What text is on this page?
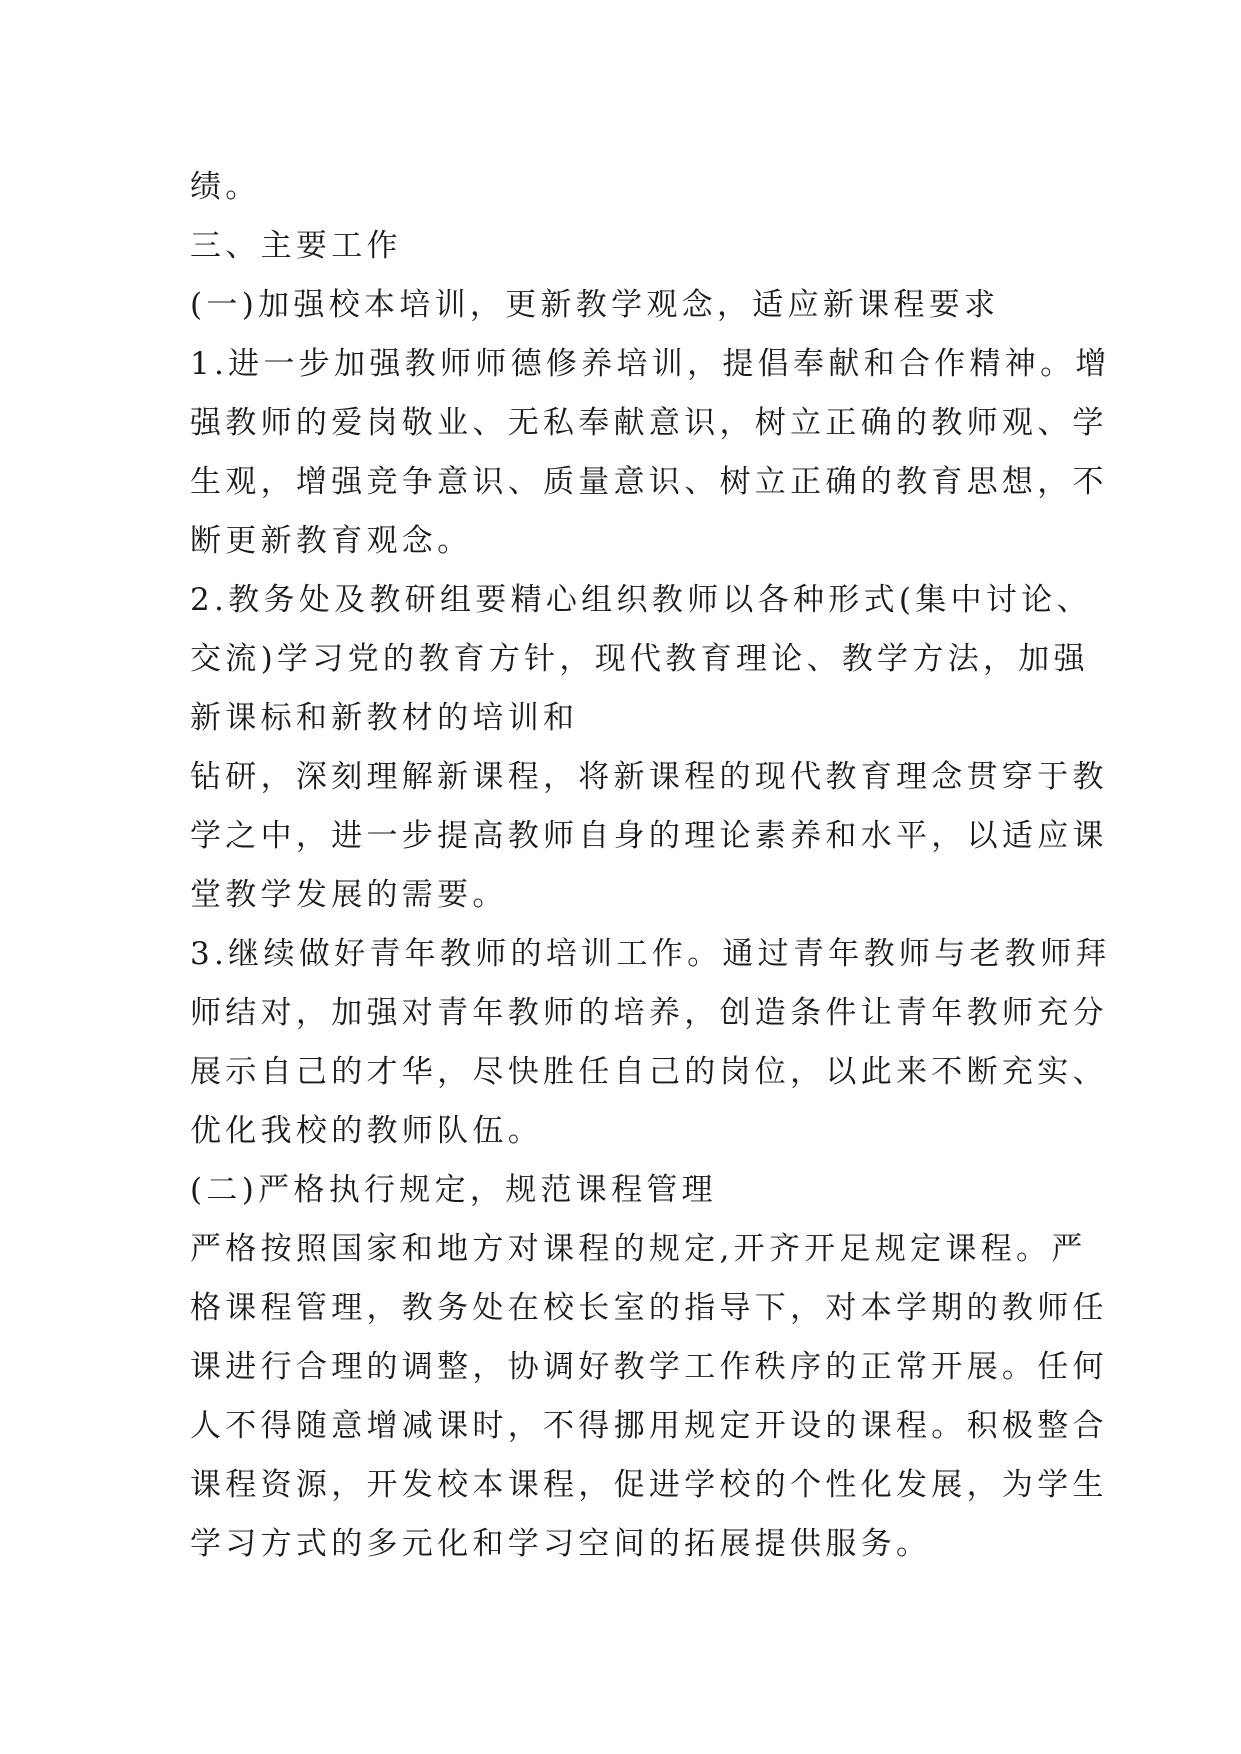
绩。
三、主要工作
(一)加强校本培训，更新教学观念，适应新课程要求
1.进一步加强教师师德修养培训，提倡奉献和合作精神。增
强教师的爱岗敬业、无私奉献意识，树立正确的教师观、学
生观，增强竞争意识、质量意识、树立正确的教育思想，不
断更新教育观念。
2.教务处及教研组要精心组织教师以各种形式(集中讨论、
交流)学习党的教育方针，现代教育理论、教学方法，加强
新课标和新教材的培训和
钻研，深刻理解新课程，将新课程的现代教育理念贯穿于教
学之中，进一步提高教师自身的理论素养和水平，以适应课
堂教学发展的需要。
3.继续做好青年教师的培训工作。通过青年教师与老教师拜
师结对，加强对青年教师的培养，创造条件让青年教师充分
展示自己的才华，尽快胜任自己的岗位，以此来不断充实、
优化我校的教师队伍。
(二)严格执行规定，规范课程管理
严格按照国家和地方对课程的规定,开齐开足规定课程。严
格课程管理，教务处在校长室的指导下，对本学期的教师任
课进行合理的调整，协调好教学工作秩序的正常开展。任何
人不得随意增减课时，不得挪用规定开设的课程。积极整合
课程资源，开发校本课程，促进学校的个性化发展，为学生
学习方式的多元化和学习空间的拓展提供服务。
